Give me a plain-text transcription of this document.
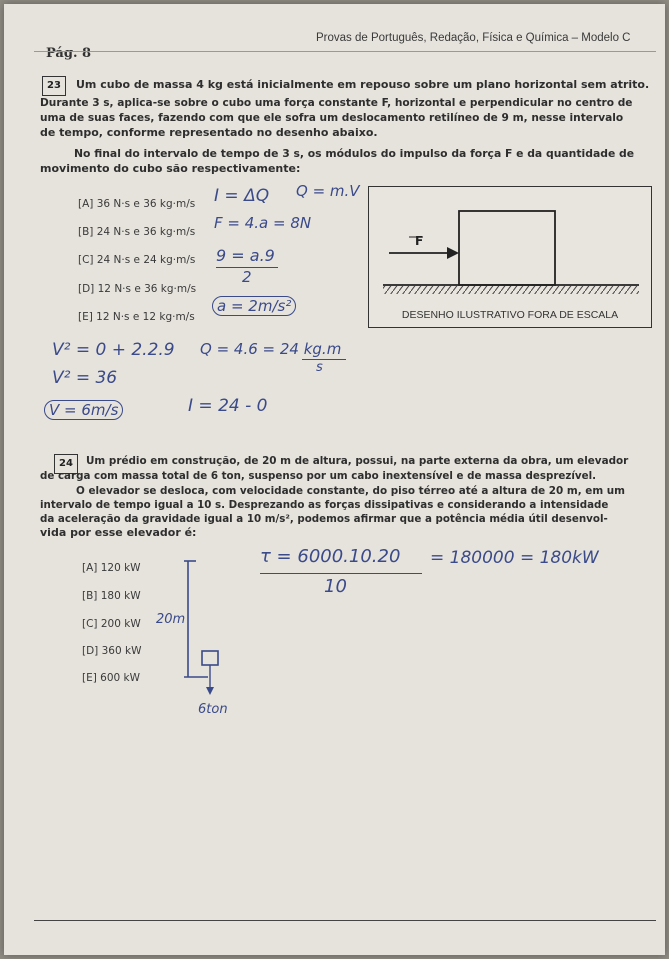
Pág. 8
Provas de Português, Redação, Física e Química – Modelo C
23	Um cubo de massa 4 kg está inicialmente em repouso sobre um plano horizontal sem atrito.
Durante 3 s, aplica-se sobre o cubo uma força constante F, horizontal e perpendicular no centro de
uma de suas faces, fazendo com que ele sofra um deslocamento retilíneo de 9 m, nesse intervalo
de tempo, conforme representado no desenho abaixo.
No final do intervalo de tempo de 3 s, os módulos do impulso da força F e da quantidade de
movimento do cubo são respectivamente:
[A] 36 N·s e 36 kg·m/s
[B] 24 N·s e 36 kg·m/s
[C] 24 N·s e 24 kg·m/s
[D] 12 N·s e 36 kg·m/s
[E] 12 N·s e 12 kg·m/s
F
DESENHO ILUSTRATIVO FORA DE ESCALA
I = ΔQ Q = m.V
F = 4.a = 8N
9 = a.9
2
a = 2m/s²
V² = 0 + 2.2.9 Q = 4.6 = 24 kg.m
s
V² = 36
V = 6m/s	I = 24 - 0
24	Um prédio em construção, de 20 m de altura, possui, na parte externa da obra, um elevador
de carga com massa total de 6 ton, suspenso por um cabo inextensível e de massa desprezível.
O elevador se desloca, com velocidade constante, do piso térreo até a altura de 20 m, em um
intervalo de tempo igual a 10 s. Desprezando as forças dissipativas e considerando a intensidade
da aceleração da gravidade igual a 10 m/s², podemos afirmar que a potência média útil desenvol-
vida por esse elevador é:
[A] 120 kW
[B] 180 kW
[C] 200 kW
[D] 360 kW
[E] 600 kW
20m
6ton
τ = 6000.10.20
10
= 180000 = 180kW
